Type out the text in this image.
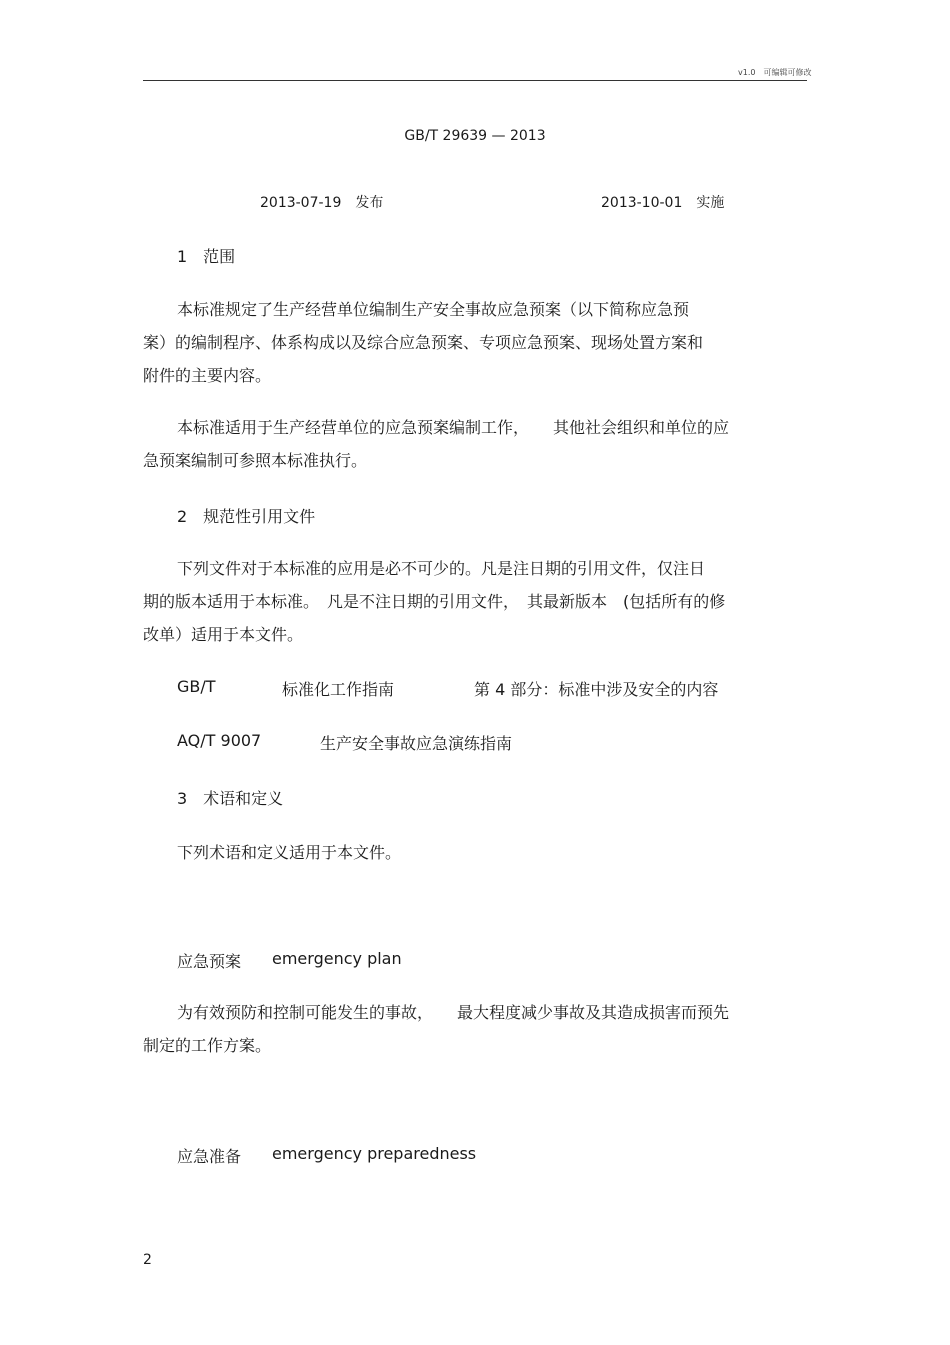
v1.0　可编辑可修改
GB/T 29639 — 2013
2013-07-19 发布	2013-10-01 实施
1　范围
本标准规定了生产经营单位编制生产安全事故应急预案（以下简称应急预
案）的编制程序、体系构成以及综合应急预案、专项应急预案、现场处置方案和
附件的主要内容。
本标准适用于生产经营单位的应急预案编制工作，　　其他社会组织和单位的应
急预案编制可参照本标准执行。
2　规范性引用文件
下列文件对于本标准的应用是必不可少的。凡是注日期的引用文件，仅注日
期的版本适用于本标准。　凡是不注日期的引用文件，　其最新版本　(包括所有的修
改单）适用于本文件。
GB/T	标准化工作指南	第 4 部分：标准中涉及安全的内容
AQ/T 9007	生产安全事故应急演练指南
3　术语和定义
下列术语和定义适用于本文件。
应急预案 emergency plan
为有效预防和控制可能发生的事故，　　最大程度减少事故及其造成损害而预先
制定的工作方案。
应急准备 emergency preparedness
2
